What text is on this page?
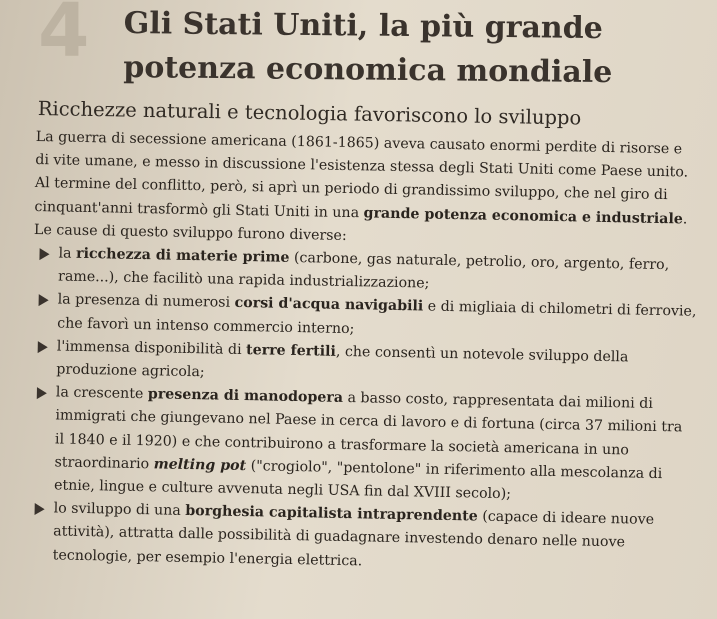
4 Gli Stati Uniti, la più grande potenza economica mondiale
Ricchezze naturali e tecnologia favoriscono lo sviluppo

La guerra di secessione americana (1861-1865) aveva causato enormi perdite di risorse e di vite umane, e messo in discussione l'esistenza stessa degli Stati Uniti come Paese unito. Al termine del conflitto, però, si aprì un periodo di grandissimo sviluppo, che nel giro di cinquant'anni trasformò gli Stati Uniti in una grande potenza economica e industriale. Le cause di questo sviluppo furono diverse:

la ricchezza di materie prime (carbone, gas naturale, petrolio, oro, argento, ferro, rame...), che facilitò una rapida industrializzazione;

la presenza di numerosi corsi d'acqua navigabili e di migliaia di chilometri di ferrovie, che favorì un intenso commercio interno;

l'immensa disponibilità di terre fertili, che consentì un notevole sviluppo della produzione agricola;

la crescente presenza di manodopera a basso costo, rappresentata dai milioni di immigrati che giungevano nel Paese in cerca di lavoro e di fortuna (circa 37 milioni tra il 1840 e il 1920) e che contribuirono a trasformare la società americana in uno straordinario melting pot ("crogiolo", "pentolone" in riferimento alla mescolanza di etnie, lingue e culture avvenuta negli USA fin dal XVIII secolo);

lo sviluppo di una borghesia capitalista intraprendente (capace di ideare nuove attività), attratta dalle possibilità di guadagnare investendo denaro nelle nuove tecnologie, per esempio l'energia elettrica.
